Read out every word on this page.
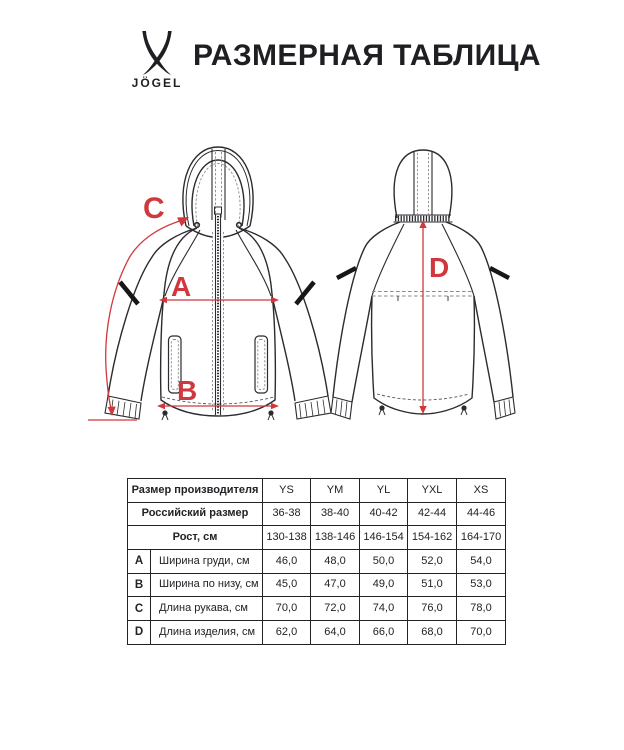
JÖGEL
РАЗМЕРНАЯ ТАБЛИЦА
C
A
B
D
Размер производителя		YS	YM	YL	YXL	XS
Российский размер		36-38	38-40	40-42	42-44	44-46
Рост, см		130-138	138-146	146-154	154-162	164-170
A	Ширина груди, см	46,0	48,0	50,0	52,0	54,0
B	Ширина по низу, см	45,0	47,0	49,0	51,0	53,0
C	Длина рукава, см	70,0	72,0	74,0	76,0	78,0
D	Длина изделия, см	62,0	64,0	66,0	68,0	70,0
